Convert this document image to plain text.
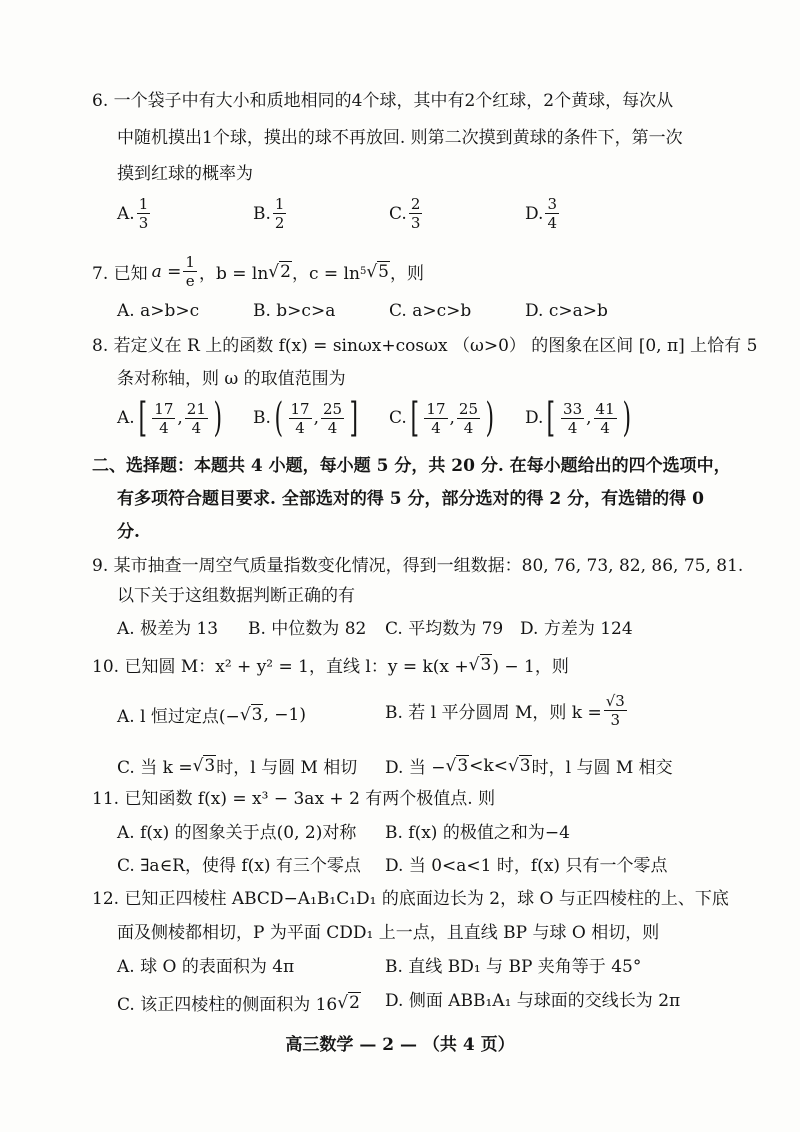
6. 一个袋子中有大小和质地相同的4个球，其中有2个红球，2个黄球，每次从
中随机摸出1个球，摸出的球不再放回. 则第二次摸到黄球的条件下，第一次
摸到红球的概率为
A. $\frac{1}{3}$	B. $\frac{1}{2}$	C. $\frac{2}{3}$	D. $\frac{3}{4}$
7. 已知 $a = \frac{1}{e}$ ，b = ln √ 2 ，c = ln 5 √ 5 ，则
A. a>b>c	B. b>c>a	C. a>c>b	D. c>a>b
8. 若定义在 R 上的函数 f(x) = sinωx+cosωx （ω>0） 的图象在区间 [0, π] 上恰有 5
条对称轴，则 ω 的取值范围为
A. [ $\frac{17}{4}$ , $\frac{21}{4}$ ) B. ( $\frac{17}{4}$ , $\frac{25}{4}$ ] C. [ $\frac{17}{4}$ , $\frac{25}{4}$ ) D. [ $\frac{33}{4}$ , $\frac{41}{4}$ )
二、选择题：本题共 4 小题，每小题 5 分，共 20 分. 在每小题给出的四个选项中，
有多项符合题目要求. 全部选对的得 5 分，部分选对的得 2 分，有选错的得 0
分.
9. 某市抽查一周空气质量指数变化情况，得到一组数据：80, 76, 73, 82, 86, 75, 81.
以下关于这组数据判断正确的有
A. 极差为 13 B. 中位数为 82 C. 平均数为 79 D. 方差为 124
10. 已知圆 M：x² + y² = 1，直线 l：y = k(x + √ 3 ) − 1，则
A. l 恒过定点(− √ 3 , −1)	B. 若 l 平分圆周 M，则 $k = \frac{√3}{3}$
C. 当 k = √ 3 时，l 与圆 M 相切 D. 当 − √ 3 <k< √ 3 时，l 与圆 M 相交
11. 已知函数 f(x) = x³ − 3ax + 2 有两个极值点. 则
A. f(x) 的图象关于点(0, 2)对称 B. f(x) 的极值之和为−4
C. ∃a∈R，使得 f(x) 有三个零点 D. 当 0<a<1 时，f(x) 只有一个零点
12. 已知正四棱柱 ABCD−A₁B₁C₁D₁ 的底面边长为 2，球 O 与正四棱柱的上、下底
面及侧棱都相切，P 为平面 CDD₁ 上一点，且直线 BP 与球 O 相切，则
A. 球 O 的表面积为 4π	B. 直线 BD₁ 与 BP 夹角等于 45°
C. 该正四棱柱的侧面积为 16 √ 2 D. 侧面 ABB₁A₁ 与球面的交线长为 2π
高三数学 — 2 — （共 4 页）
